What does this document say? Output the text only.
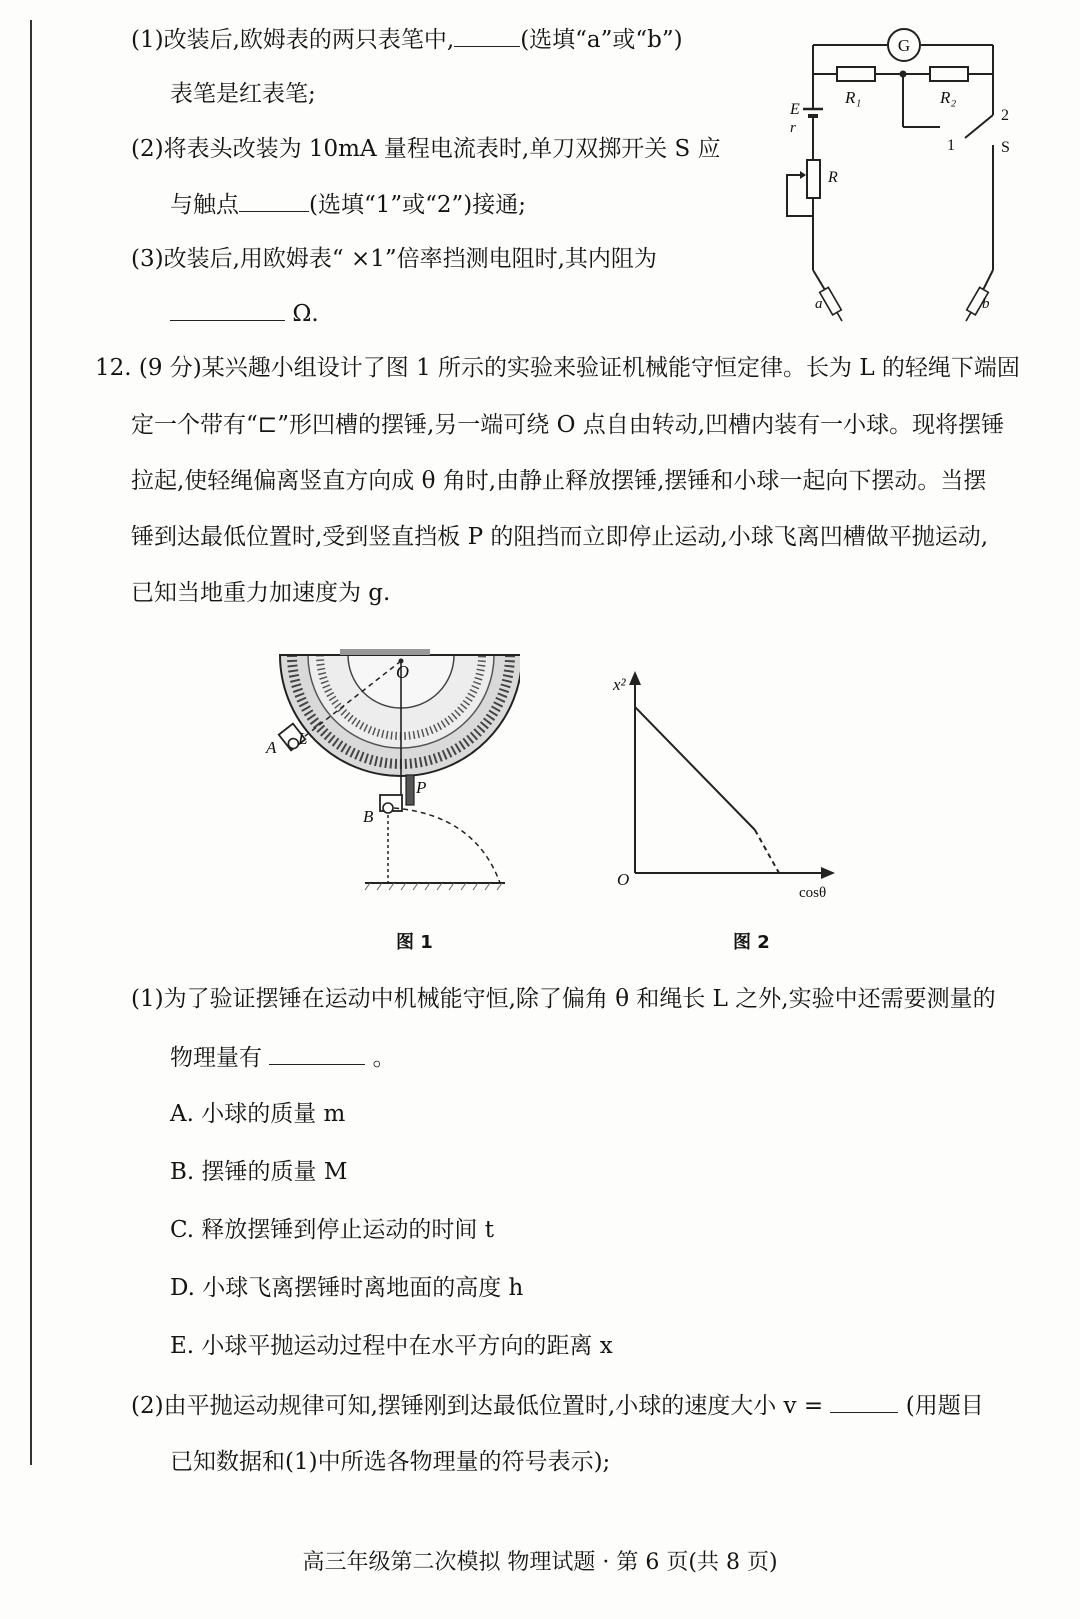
(1)改装后,欧姆表的两只表笔中,	(选填“a”或“b”)
表笔是红表笔;
(2)将表头改装为 10mA 量程电流表时,单刀双掷开关 S 应
与触点	(选填“1”或“2”)接通;
(3)改装后,用欧姆表“ ×1”倍率挡测电阻时,其内阻为
Ω.
G
R₁	R₂
E
r
R
1
2
S
a	b
12. (9 分)某兴趣小组设计了图 1 所示的实验来验证机械能守恒定律。长为 L 的轻绳下端固
定一个带有“⊏”形凹槽的摆锤,另一端可绕 O 点自由转动,凹槽内装有一小球。现将摆锤
拉起,使轻绳偏离竖直方向成 θ 角时,由静止释放摆锤,摆锤和小球一起向下摆动。当摆
锤到达最低位置时,受到竖直挡板 P 的阻挡而立即停止运动,小球飞离凹槽做平抛运动,
已知当地重力加速度为 g.
O
A L
P
B
图 1
x²
cosθ
O
图 2
(1)为了验证摆锤在运动中机械能守恒,除了偏角 θ 和绳长 L 之外,实验中还需要测量的
物理量有	。
A. 小球的质量 m
B. 摆锤的质量 M
C. 释放摆锤到停止运动的时间 t
D. 小球飞离摆锤时离地面的高度 h
E. 小球平抛运动过程中在水平方向的距离 x
(2)由平抛运动规律可知,摆锤刚到达最低位置时,小球的速度大小 v =	(用题目
已知数据和(1)中所选各物理量的符号表示);
高三年级第二次模拟 物理试题 · 第 6 页(共 8 页)
